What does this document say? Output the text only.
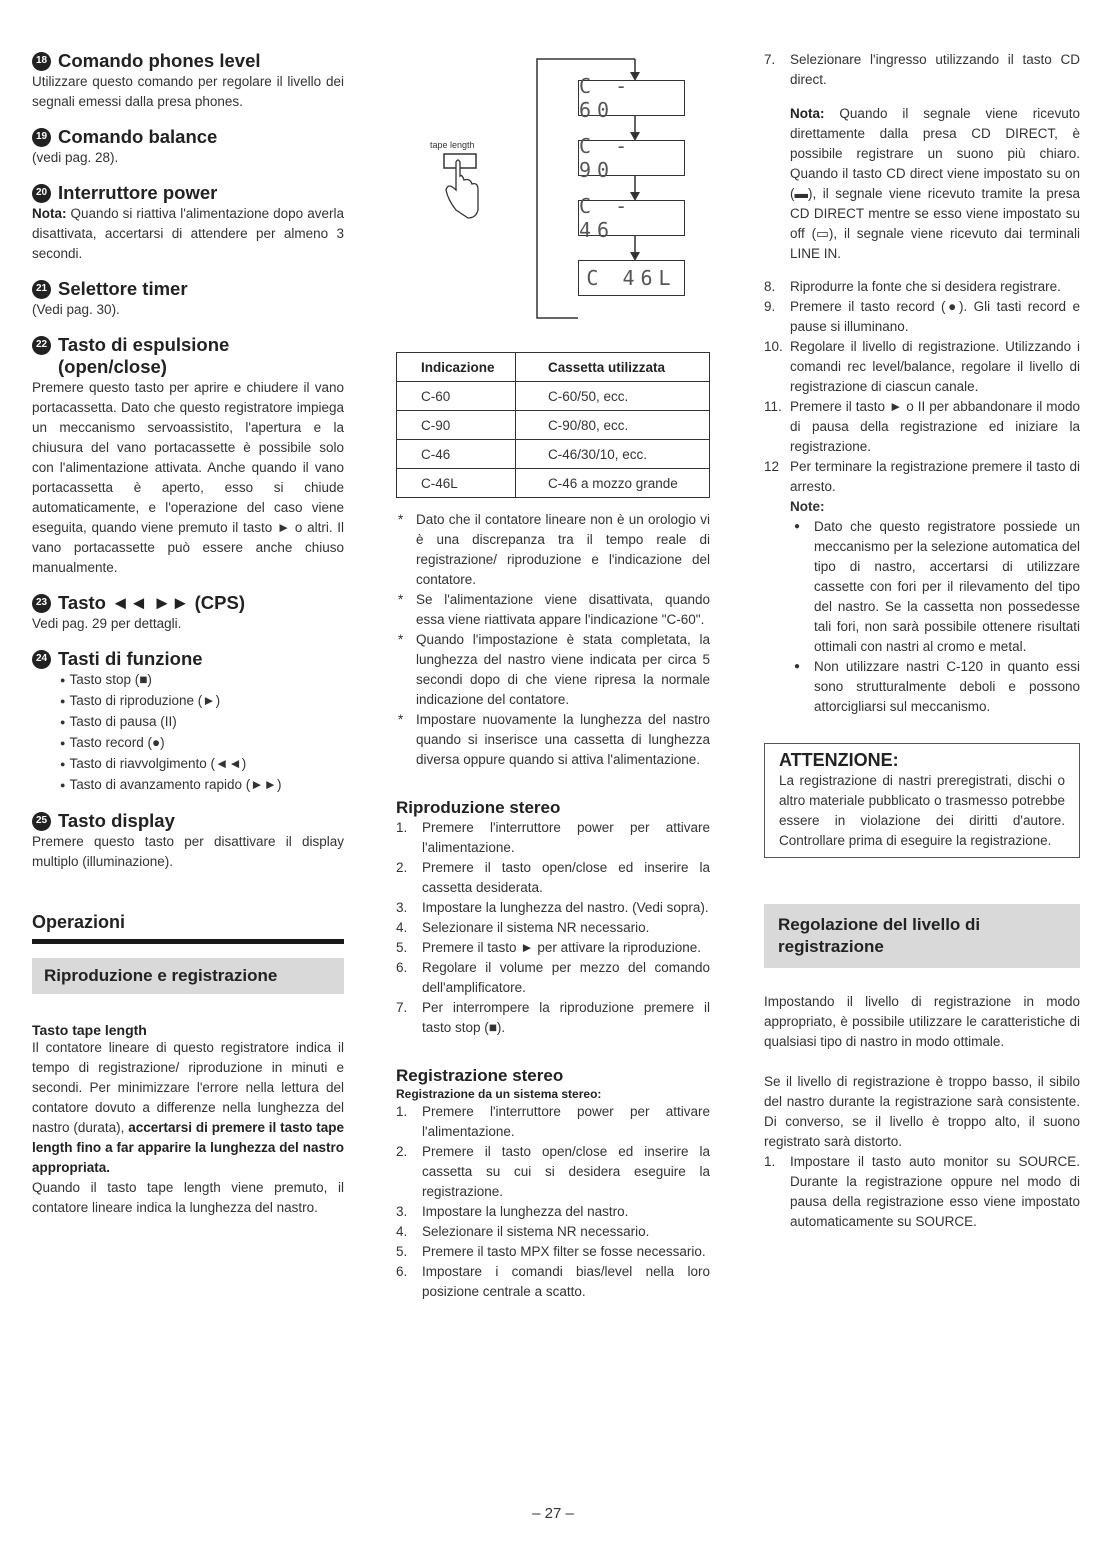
18 Comando phones level

Utilizzare questo comando per regolare il livello dei segnali emessi dalla presa phones.

19 Comando balance

(vedi pag. 28).

20 Interruttore power

Nota: Quando si riattiva l'alimentazione dopo averla disattivata, accertarsi di attendere per almeno 3 secondi.

21 Selettore timer

(Vedi pag. 30).

22 Tasto di espulsione
(open/close)

Premere questo tasto per aprire e chiudere il vano portacassetta. Dato che questo registratore impiega un meccanismo servoassistito, l'apertura e la chiusura del vano portacassette è possibile solo con l'alimentazione attivata. Anche quando il vano portacassetta è aperto, esso si chiude automaticamente, e l'operazione del caso viene eseguita, quando viene premuto il tasto ► o altri. Il vano portacassette può essere anche chiuso manualmente.

23 Tasto ◄◄ ►► (CPS)

Vedi pag. 29 per dettagli.

24 Tasti di funzione
● Tasto stop (■)
● Tasto di riproduzione (►)
● Tasto di pausa (II)
● Tasto record (●)
● Tasto di riavvolgimento (◄◄)
● Tasto di avanzamento rapido (►►)
25 Tasto display

Premere questo tasto per disattivare il display multiplo (illuminazione).

Operazioni
Riproduzione e registrazione
Tasto tape length

Il contatore lineare di questo registratore indica il tempo di registrazione/ riproduzione in minuti e secondi. Per minimizzare l'errore nella lettura del contatore dovuto a differenze nella lunghezza del nastro (durata), accertarsi di premere il tasto tape length fino a far apparire la lunghezza del nastro appropriata.

Quando il tasto tape length viene premuto, il contatore lineare indica la lunghezza del nastro.

tape length
C - 60
C - 90
C - 46
C 46L
Indicazione	Cassetta utilizzata
C-60	C-60/50, ecc.
C-90	C-90/80, ecc.
C-46	C-46/30/10, ecc.
C-46L	C-46 a mozzo grande
* Dato che il contatore lineare non è un orologio vi è una discrepanza tra il tempo reale di registrazione/ riproduzione e l'indicazione del contatore.
* Se l'alimentazione viene disattivata, quando essa viene riattivata appare l'indicazione "C-60".
* Quando l'impostazione è stata completata, la lunghezza del nastro viene indicata per circa 5 secondi dopo di che viene ripresa la normale indicazione del contatore.
* Impostare nuovamente la lunghezza del nastro quando si inserisce una cassetta di lunghezza diversa oppure quando si attiva l'alimentazione.
Riproduzione stereo
1. Premere l'interruttore power per attivare l'alimentazione.
2. Premere il tasto open/close ed inserire la cassetta desiderata.
3. Impostare la lunghezza del nastro. (Vedi sopra).
4. Selezionare il sistema NR necessario.
5. Premere il tasto ► per attivare la riproduzione.
6. Regolare il volume per mezzo del comando dell'amplificatore.
7. Per interrompere la riproduzione premere il tasto stop (■).
Registrazione stereo
Registrazione da un sistema stereo:
1. Premere l'interruttore power per attivare l'alimentazione.
2. Premere il tasto open/close ed inserire la cassetta su cui si desidera eseguire la registrazione.
3. Impostare la lunghezza del nastro.
4. Selezionare il sistema NR necessario.
5. Premere il tasto MPX filter se fosse necessario.
6. Impostare i comandi bias/level nella loro posizione centrale a scatto.
7. Selezionare l'ingresso utilizzando il tasto CD direct.

Nota: Quando il segnale viene ricevuto direttamente dalla presa CD DIRECT, è possibile registrare un suono più chiaro. Quando il tasto CD direct viene impostato su on (▬), il segnale viene ricevuto tramite la presa CD DIRECT mentre se esso viene impostato su off (▭), il segnale viene ricevuto dai terminali LINE IN.

8. Riprodurre la fonte che si desidera registrare.
9. Premere il tasto record (●). Gli tasti record e pause si illuminano.
10. Regolare il livello di registrazione. Utilizzando i comandi rec level/balance, regolare il livello di registrazione di ciascun canale.
11. Premere il tasto ► o II per abbandonare il modo di pausa della registrazione ed iniziare la registrazione.
12 Per terminare la registrazione premere il tasto di arresto.
Note:
● Dato che questo registratore possiede un meccanismo per la selezione automatica del tipo di nastro, accertarsi di utilizzare cassette con fori per il rilevamento del tipo del nastro. Se la cassetta non possedesse tali fori, non sarà possibile ottenere risultati ottimali con nastri al cromo e metal.
● Non utilizzare nastri C-120 in quanto essi sono strutturalmente deboli e possono attorcigliarsi sul meccanismo.
ATTENZIONE:

La registrazione di nastri preregistrati, dischi o altro materiale pubblicato o trasmesso potrebbe essere in violazione dei diritti d'autore. Controllare prima di eseguire la registrazione.

Regolazione del livello di registrazione

Impostando il livello di registrazione in modo appropriato, è possibile utilizzare le caratteristiche di qualsiasi tipo di nastro in modo ottimale.

Se il livello di registrazione è troppo basso, il sibilo del nastro durante la registrazione sarà consistente. Di converso, se il livello è troppo alto, il suono registrato sarà distorto.

1. Impostare il tasto auto monitor su SOURCE. Durante la registrazione oppure nel modo di pausa della registrazione esso viene impostato automaticamente su SOURCE.
– 27 –
